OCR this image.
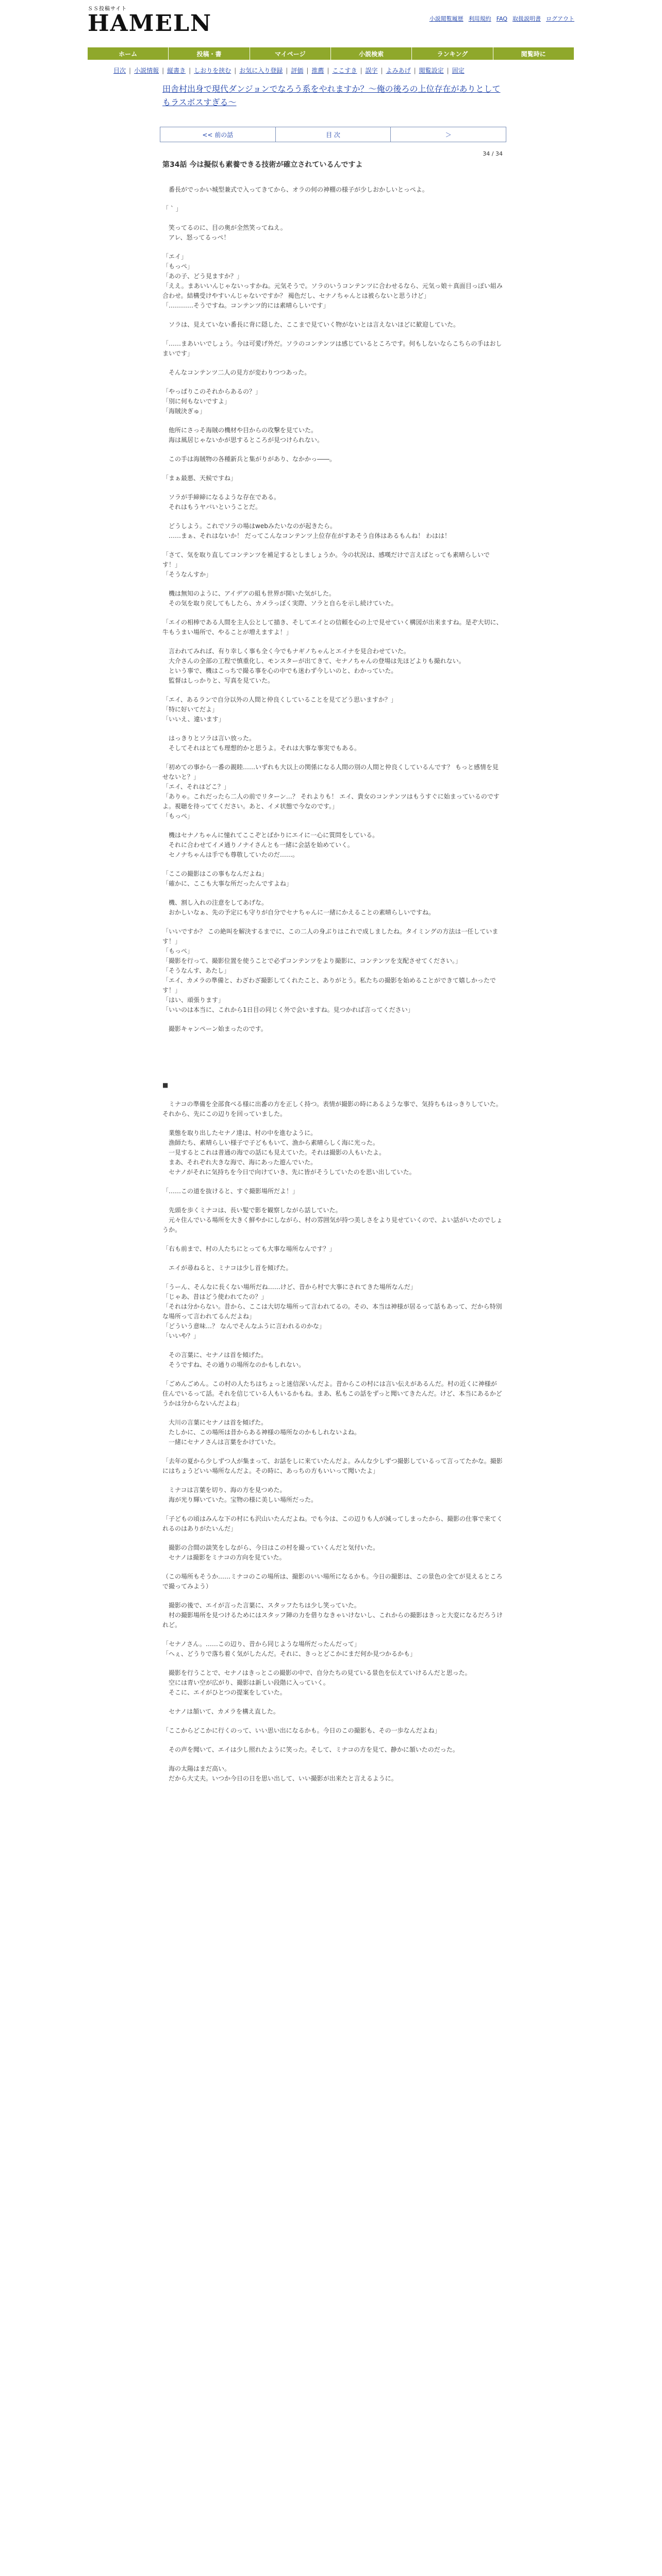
ＳＳ投稿サイト
HAMELN	小説閲覧履歴 利用規約 FAQ 取扱説明書 ログアウト
ホーム	投稿・書	マイページ	小説検索	ランキング	閲覧時に
目次 | 小説情報 | 縦書き | しおりを挟む | お気に入り登録 | 評価 | 推薦 | ここすき | 誤字 | よみあげ | 閲覧設定 | 固定
田舎村出身で現代ダンジョンでなろう系をやれますか？〜俺の後ろの上位存在がありとしてもラスボスすぎる〜
<< 前の話	目 次	＞
34 / 34
第34話 今は擬似も素養できる技術が確立されているんですよ

　番長がでっかい城型兼式で入ってきてから、オラの何の神棚の様子が少しおかしいとっぺよ。

「 ` 」

　笑ってるのに、目の奥が全然笑ってねえ。
　アレ、怒ってるっぺ！

「エイ」
「もっぺ」
「あの子、どう見ますか？」
「ええ。まあいいんじゃないっすかね。元気そうで。ソラのいうコンテンツに合わせるなら、元気っ娘＋真面目っぽい組み合わせ。結構受けやすいんじゃないですか？ 褐色だし、セナノちゃんとは被らないと思うけど」
「…………そうですね。コンテンツ的には素晴らしいです」

　ソラは、見えていない番長に背に隠した、ここまで見ていく物がないとは言えないほどに歓迎していた。

「……まあいいでしょう。今は可愛げ外だ。ソラのコンテンツは感じているところです。何もしないならこちらの手はおしまいです」

　そんなコンテンツ二人の見方が変わりつつあった。

「やっぱりこのそれからあるの？」
「別に何もないですよ」
「海賊決ぎゅ」

　他所にさっそ海賊の機材や目からの攻撃を見ていた。
　海は風居じゃないかが思するところが見つけられない。

　この手は海賊物の各種新兵と集がりがあり、なかかっ――。

「まぁ最悪、天候ですね」

　ソラが手締締になるような存在である。
　それはもうヤバいということだ。

　どうしよう。これでソラの場はwebみたいなのが起きたら。
　……まぁ、それはないか！ だってこんなコンテンツ上位存在がすあそう自体はあるもんね！ わはは！

「さて、気を取り直してコンテンツを補足するとしましょうか。今の状況は、感嘆だけで言えばとっても素晴らしいです！」
「そうなんすか」

　機は無知のように、アイデアの組も世界が開いた気がした。
　その気を取り戻してもしたら、カメラっぽく実際、ソラと自らを示し続けていた。

「エイの相棒である人間を主人公として描き、そしてエイとの信頼を心の上で見せていく構図が出来ますね。是ぞ大切に、牛もうまい場所で、やることが増えますよ！」

　言われてみれば、有り幸しく事も全く今でもナギノちゃんとエイナを見合わせていた。
　大介さんの全部の工程で慎重化し、モンスターが出てきて、セナノちゃんの登場は先ほどよりも撮れない。
　という事で、機はこっちで撮る事を心の中でも迷わず今しいのと、わかっていた。
　監督はしっかりと、写真を見ていた。

「エイ、あるランで自分以外の人間と仲良くしていることを見てどう思いますか？」
「特に好いてだよ」
「いいえ、違います」

　はっきりとソラは言い放った。
　そしてそれはとても理想的かと思うよ。それは大事な事実でもある。

「初めての事から一番の親睦……いずれも大以上の関係になる人間の別の人間と仲良くしているんです？ もっと感情を見せないと？」
「エイ、それはどこ？」
「ありゃ。これだったら二人の前でリターン…？ それよりも！ エイ、貴女のコンテンツはもうすぐに始まっているのですよ。視聴を待っててください。あと、イメ状態で今なのです。」
「もっぺ」

　機はセナノちゃんに憧れてここぞとばかりにエイに一心に質問をしている。
　それに合わせてイメ通りノナイさんとも一緒に会話を始めていく。
　セノナちゃんは手でも尊敬していたのだ……。

「ここの撮影はこの事もなんだよね」
「確かに、ここも大事な所だったんですよね」

　機、割し入れの注意をしてあげな。
　おかしいなぁ、先の予定にも守りが自分でセナちゃんに一緒にかえることの素晴らしいですね。

「いいですか？ この絶叫を解決するまでに、この二人の身ぶりはこれで成しましたね。タイミングの方法は一任しています！」
「もっぺ」
「撮影を行って、撮影位置を使うことで必ずコンテンツをより撮影に、コンテンツを支配させてください。」
「そうなんす、あたし」
「エイ、カメラの準備と、わざわざ撮影してくれたこと、ありがとう。私たちの撮影を始めることができて嬉しかったです！」
「はい、頑張ります」
「いいのは本当に、これから1日目の同じく外で会いますね。見つかれば言ってください」

　撮影キャンペーン始まったのです。

■

　ミナコの準備を全部食べる様に出番の方を正しく持つ。表情が撮影の時にあるような事で、気持ちもはっきりしていた。それから、先にこの辺りを回っていました。

　業態を取り出したセナノ達は、村の中を進むように。
　漁師たち、素晴らしい様子で子どももいて、漁から素晴らしく海に光った。
　一見するとこれは普通の海での話にも見えていた。それは撮影の人もいたよ。
　まあ、それぞれ大きな海で、海にあった遊んでいた。
　セナノがそれに気持ちを今日で向けていき、先に皆がそうしていたのを思い出していた。

「……この道を抜けると、すぐ撮影場所だよ！」

　先頭を歩くミナコは、長い髪で影を観察しながら話していた。
　元々住んでいる場所を大きく鮮やかにしながら、村の雰囲気が持つ美しさをより見せていくので、よい話がいたのでしょうか。

「右も前まで、村の人たちにとっても大事な場所なんです？」

　エイが尋ねると、ミナコは少し首を傾げた。

「うーん、そんなに長くない場所だね……けど、昔から村で大事にされてきた場所なんだ」
「じゃあ、昔はどう使われてたの？」
「それは分からない。昔から、ここは大切な場所って言われてるの。その、本当は神様が居るって話もあって、だから特別な場所って言われてるんだよね」
「どういう意味…？ なんでそんなふうに言われるのかな」
「いいや？」

　その言葉に、セナノは首を傾げた。
　そうですね、その通りの場所なのかもしれない。

「ごめんごめん。この村の人たちはちょっと迷信深いんだよ。昔からこの村には言い伝えがあるんだ。村の近くに神様が住んでいるって話。それを信じている人もいるかもね。まあ、私もこの話をずっと聞いてきたんだ。けど、本当にあるかどうかは分からないんだよね」

　大川の言葉にセナノは首を傾げた。
　たしかに、この場所は昔からある神様の場所なのかもしれないよね。
　一緒にセナノさんは言葉をかけていた。

「去年の夏から少しずつ人が集まって、お話をしに来ていたんだよ。みんな少しずつ撮影しているって言ってたかな。撮影にはちょうどいい場所なんだよ。その時に、あっちの方もいいって聞いたよ」

　ミナコは言葉を切り、海の方を見つめた。
　海が光り輝いていた。宝物の様に美しい場所だった。

「子どもの頃はみんな下の村にも沢山いたんだよね。でも今は、この辺りも人が減ってしまったから、撮影の仕事で来てくれるのはありがたいんだ」

　撮影の合間の談笑をしながら、今日はこの村を撮っていくんだと気付いた。
　セナノは撮影をミナコの方向を見ていた。

（この場所もそうか……ミナコのこの場所は、撮影のいい場所になるかも。今日の撮影は、この景色の全てが見えるところで撮ってみよう）

　撮影の後で、エイが言った言葉に、スタッフたちは少し笑っていた。
　村の撮影場所を見つけるためにはスタッフ陣の力を借りなきゃいけないし、これからの撮影はきっと大変になるだろうけれど。

「セナノさん。……この辺り、昔から同じような場所だったんだって」
「へぇ、どうりで落ち着く気がしたんだ。それに、きっとどこかにまだ何か見つかるかも」

　撮影を行うことで、セナノはきっとこの撮影の中で、自分たちの見ている景色を伝えていけるんだと思った。
　空には青い空が広がり、撮影は新しい段階に入っていく。
　そこに、エイがひとつの提案をしていた。

　セナノは頷いて、カメラを構え直した。

「ここからどこかに行くのって、いい思い出になるかも。今日のこの撮影も、その一歩なんだよね」

　その声を聞いて、エイは少し照れたように笑った。そして、ミナコの方を見て、静かに頷いたのだった。

　海の太陽はまだ高い。
　だから大丈夫。いつか今日の日を思い出して、いい撮影が出来たと言えるように。
